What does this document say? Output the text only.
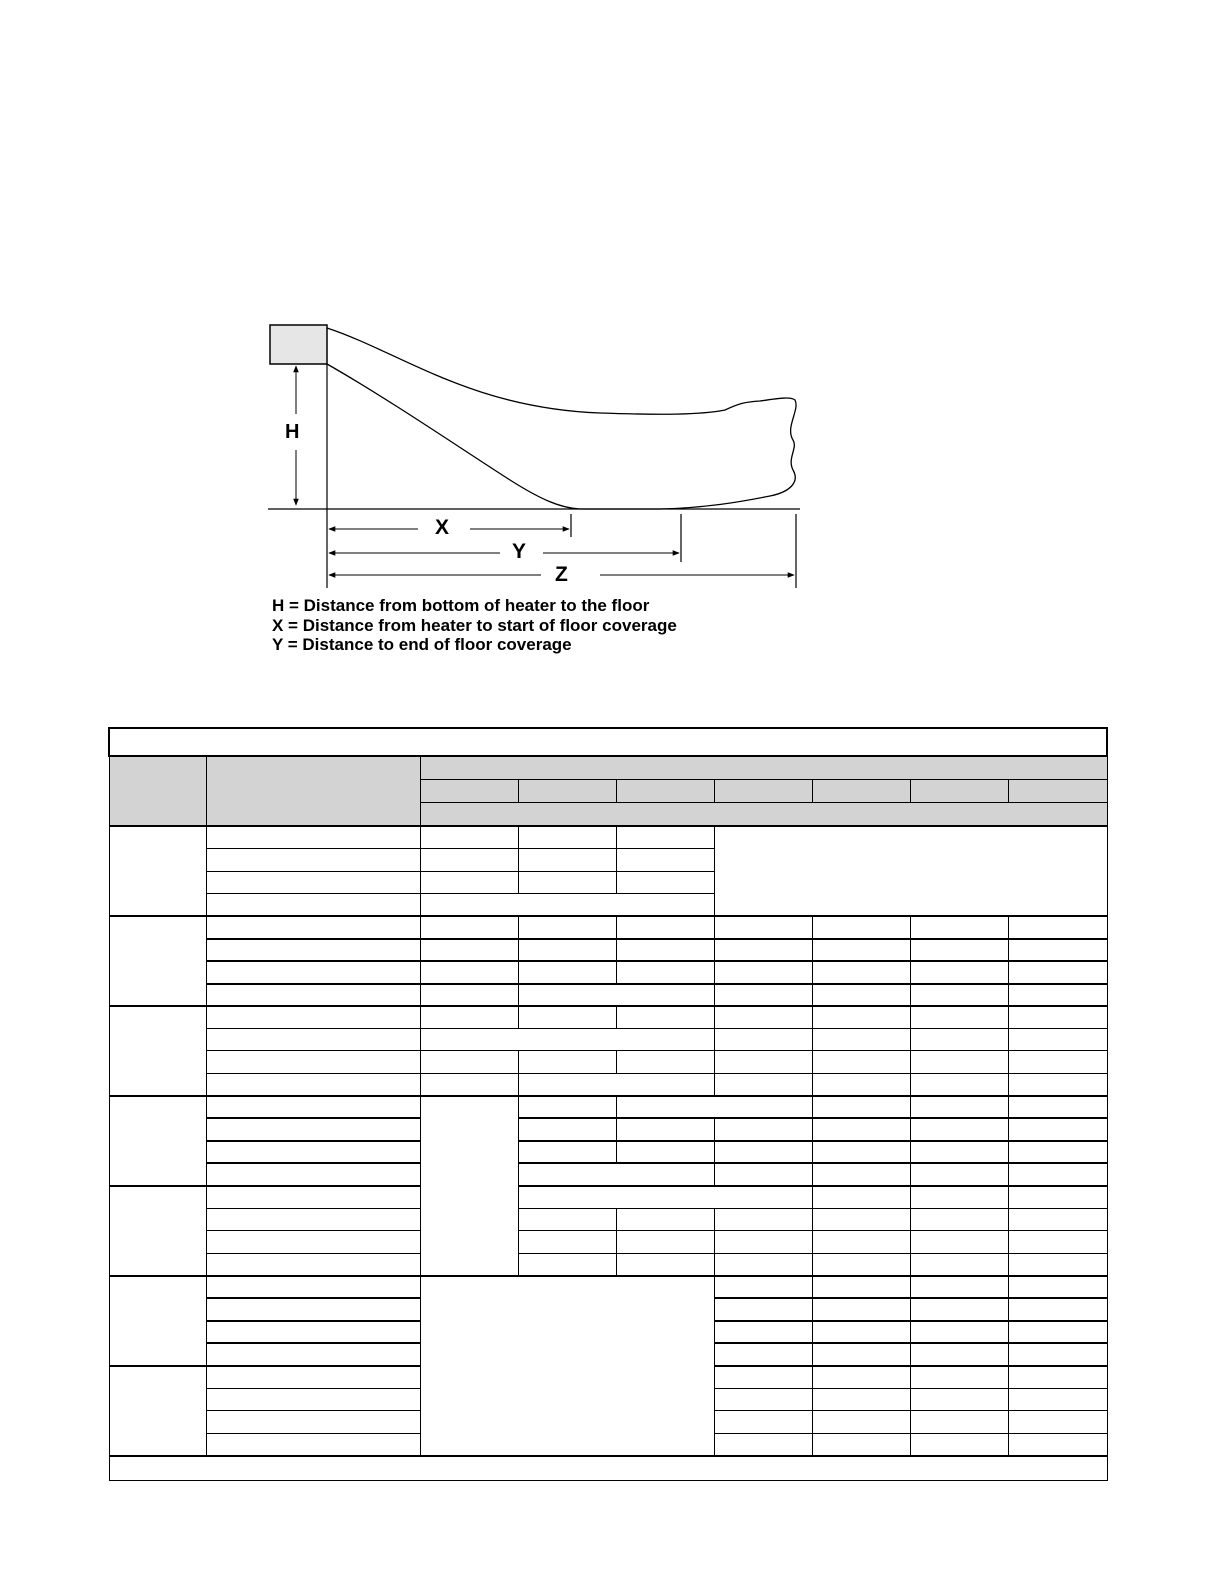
H
X
Y
Z
H = Distance from bottom of heater to the floor
X = Distance from heater to start of floor coverage
Y = Distance to end of floor coverage
